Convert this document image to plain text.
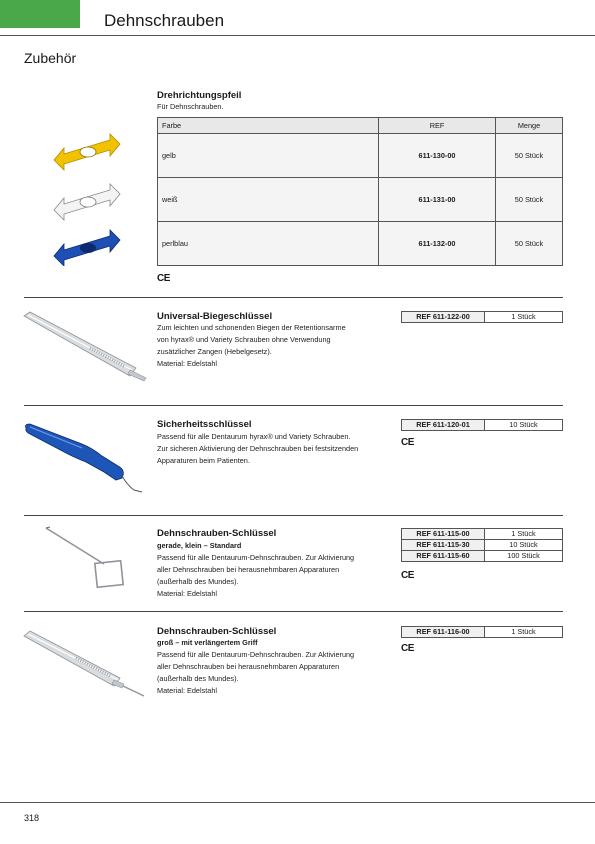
Dehnschrauben
Zubehör
Drehrichtungspfeil
Für Dehnschrauben.
Farbe	REF	Menge
gelb	611-130-00	50 Stück
weiß	611-131-00	50 Stück
perlblau	611-132-00	50 Stück
CE
Universal-Biegeschlüssel
Zum leichten und schonenden Biegen der Retentionsarme
von hyrax® und Variety Schrauben ohne Verwendung
zusätzlicher Zangen (Hebelgesetz).
Material: Edelstahl
REF 611-122-00	1 Stück
Sicherheitsschlüssel
Passend für alle Dentaurum hyrax® und Variety Schrauben.
Zur sicheren Aktivierung der Dehnschrauben bei festsitzenden
Apparaturen beim Patienten.
REF 611-120-01	10 Stück
CE
Dehnschrauben-Schlüssel
gerade, klein – Standard
Passend für alle Dentaurum-Dehnschrauben. Zur Aktivierung
aller Dehnschrauben bei herausnehmbaren Apparaturen
(außerhalb des Mundes).
Material: Edelstahl
REF 611-115-00	1 Stück
REF 611-115-30	10 Stück
REF 611-115-60	100 Stück
CE
Dehnschrauben-Schlüssel
groß – mit verlängertem Griff
Passend für alle Dentaurum-Dehnschrauben. Zur Aktivierung
aller Dehnschrauben bei herausnehmbaren Apparaturen
(außerhalb des Mundes).
Material: Edelstahl
REF 611-116-00	1 Stück
CE
318
